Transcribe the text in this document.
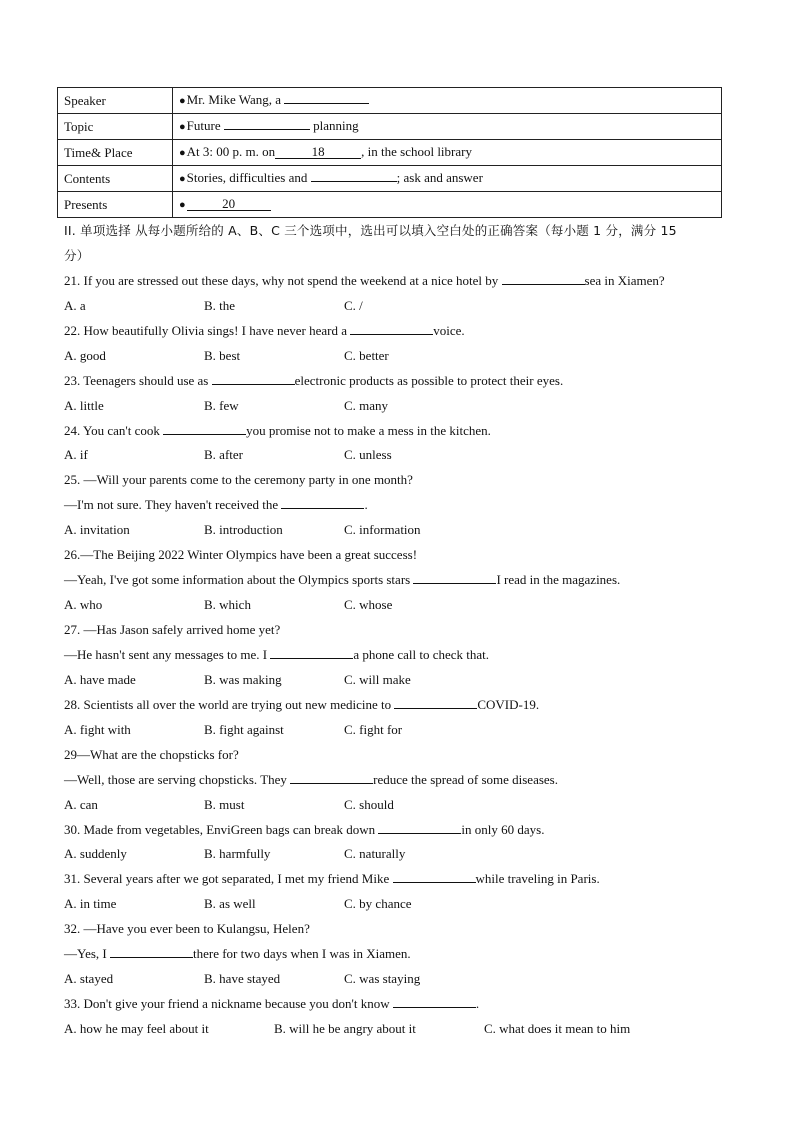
Speaker	●Mr. Mike Wang, a
Topic	●Future planning
Time& Place	●At 3: 00 p. m. on 18 , in the school library
Contents	●Stories, difficulties and ; ask and answer
Presents	● 20
II. 单项选择 从每小题所给的 A、B、C 三个选项中，选出可以填入空白处的正确答案（每小题 1 分，满分 15
分）
21. If you are stressed out these days, why not spend the weekend at a nice hotel by	sea in Xiamen?
A. a	B. the	C. /
22. How beautifully Olivia sings! I have never heard a	voice.
A. good	B. best	C. better
23. Teenagers should use as	electronic products as possible to protect their eyes.
A. little	B. few	C. many
24. You can't cook	you promise not to make a mess in the kitchen.
A. if	B. after	C. unless
25. —Will your parents come to the ceremony party in one month?
—I'm not sure. They haven't received the	.
A. invitation	B. introduction	C. information
26.—The Beijing 2022 Winter Olympics have been a great success!
—Yeah, I've got some information about the Olympics sports stars	I read in the magazines.
A. who	B. which	C. whose
27. —Has Jason safely arrived home yet?
—He hasn't sent any messages to me. I	a phone call to check that.
A. have made	B. was making	C. will make
28. Scientists all over the world are trying out new medicine to	COVID-19.
A. fight with	B. fight against	C. fight for
29—What are the chopsticks for?
—Well, those are serving chopsticks. They	reduce the spread of some diseases.
A. can	B. must	C. should
30. Made from vegetables, EnviGreen bags can break down	in only 60 days.
A. suddenly	B. harmfully	C. naturally
31. Several years after we got separated, I met my friend Mike	while traveling in Paris.
A. in time	B. as well	C. by chance
32. —Have you ever been to Kulangsu, Helen?
—Yes, I	there for two days when I was in Xiamen.
A. stayed	B. have stayed	C. was staying
33. Don't give your friend a nickname because you don't know	.
A. how he may feel about it	B. will he be angry about it	C. what does it mean to him
